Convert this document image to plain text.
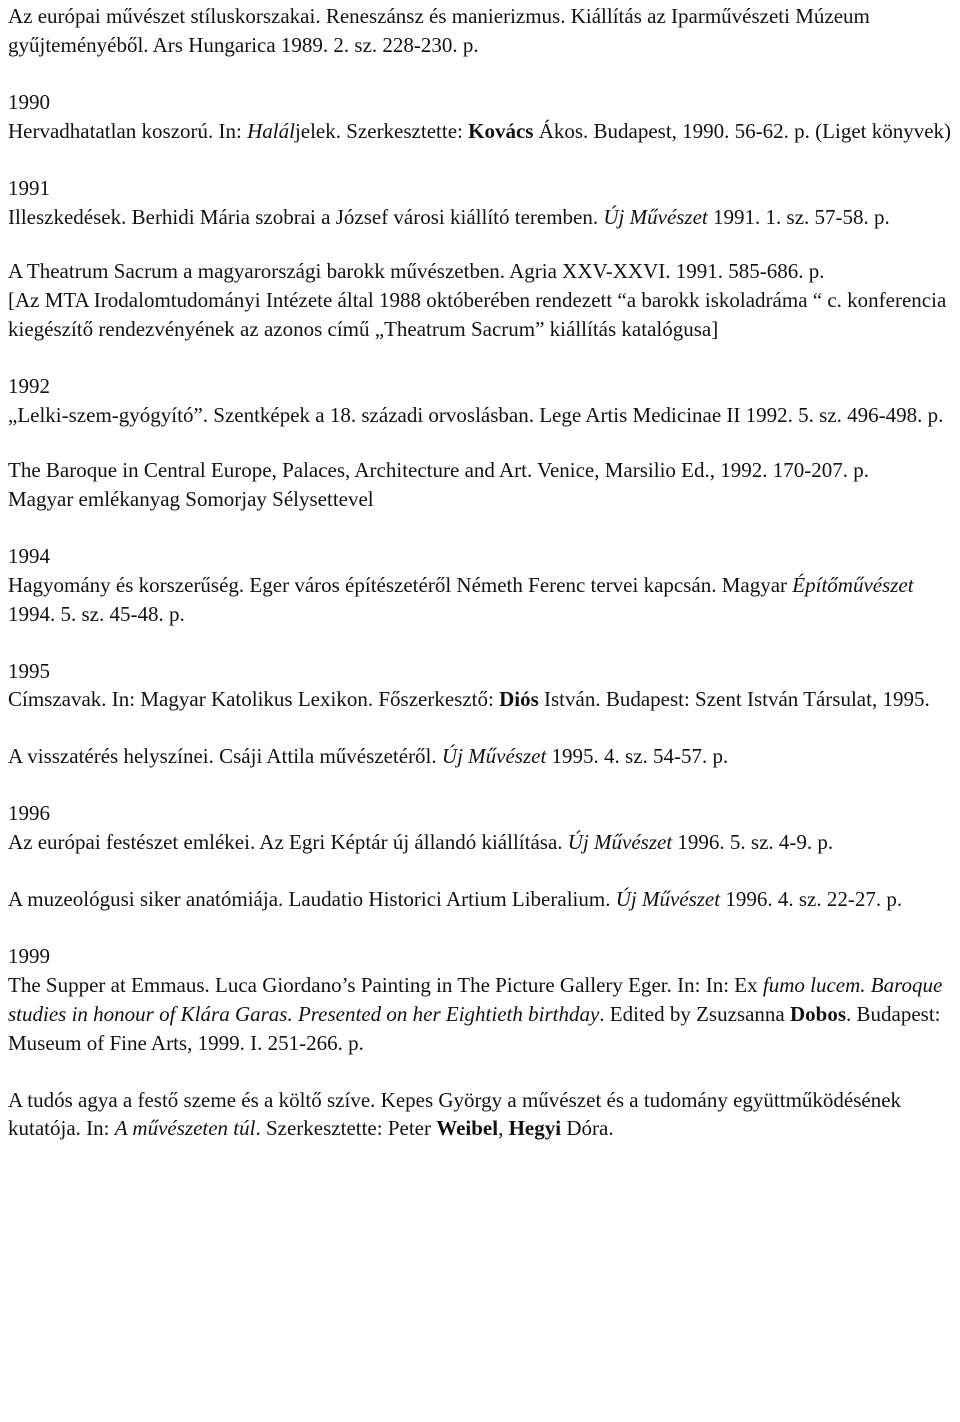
Az európai művészet stíluskorszakai. Reneszánsz és manierizmus. Kiállítás az Iparművészeti Múzeum gyűjteményéből. Ars Hungarica 1989. 2. sz. 228-230. p.

1990

Hervadhatatlan koszorú. In: Haláljelek. Szerkesztette: Kovács Ákos. Budapest, 1990. 56-62. p. (Liget könyvek)

1991

Illeszkedések. Berhidi Mária szobrai a József városi kiállító teremben. Új Művészet 1991. 1. sz. 57-58. p.

A Theatrum Sacrum a magyarországi barokk művészetben. Agria XXV-XXVI. 1991. 585-686. p.

[Az MTA Irodalomtudományi Intézete által 1988 októberében rendezett “a barokk iskoladráma “ c. konferencia kiegészítő rendezvényének az azonos című „Theatrum Sacrum” kiállítás katalógusa]

1992

„Lelki-szem-gyógyító”. Szentképek a 18. századi orvoslásban. Lege Artis Medicinae II 1992. 5. sz. 496-498. p.

The Baroque in Central Europe, Palaces, Architecture and Art. Venice, Marsilio Ed., 1992. 170-207. p.

Magyar emlékanyag Somorjay Sélysettevel

1994

Hagyomány és korszerűség. Eger város építészetéről Németh Ferenc tervei kapcsán. Magyar Építőművészet 1994. 5. sz. 45-48. p.

1995

Címszavak. In: Magyar Katolikus Lexikon. Főszerkesztő: Diós István. Budapest: Szent István Társulat, 1995.

A visszatérés helyszínei. Csáji Attila művészetéről. Új Művészet 1995. 4. sz. 54-57. p.

1996

Az európai festészet emlékei. Az Egri Képtár új állandó kiállítása. Új Művészet 1996. 5. sz. 4-9. p.

A muzeológusi siker anatómiája. Laudatio Historici Artium Liberalium. Új Művészet 1996. 4. sz. 22-27. p.

1999

The Supper at Emmaus. Luca Giordano’s Painting in The Picture Gallery Eger. In: In: Ex fumo lucem. Baroque studies in honour of Klára Garas. Presented on her Eightieth birthday. Edited by Zsuzsanna Dobos. Budapest: Museum of Fine Arts, 1999. I. 251-266. p.

A tudós agya a festő szeme és a költő szíve. Kepes György a művészet és a tudomány együttműködésének kutatója. In: A művészeten túl. Szerkesztette: Peter Weibel, Hegyi Dóra.
